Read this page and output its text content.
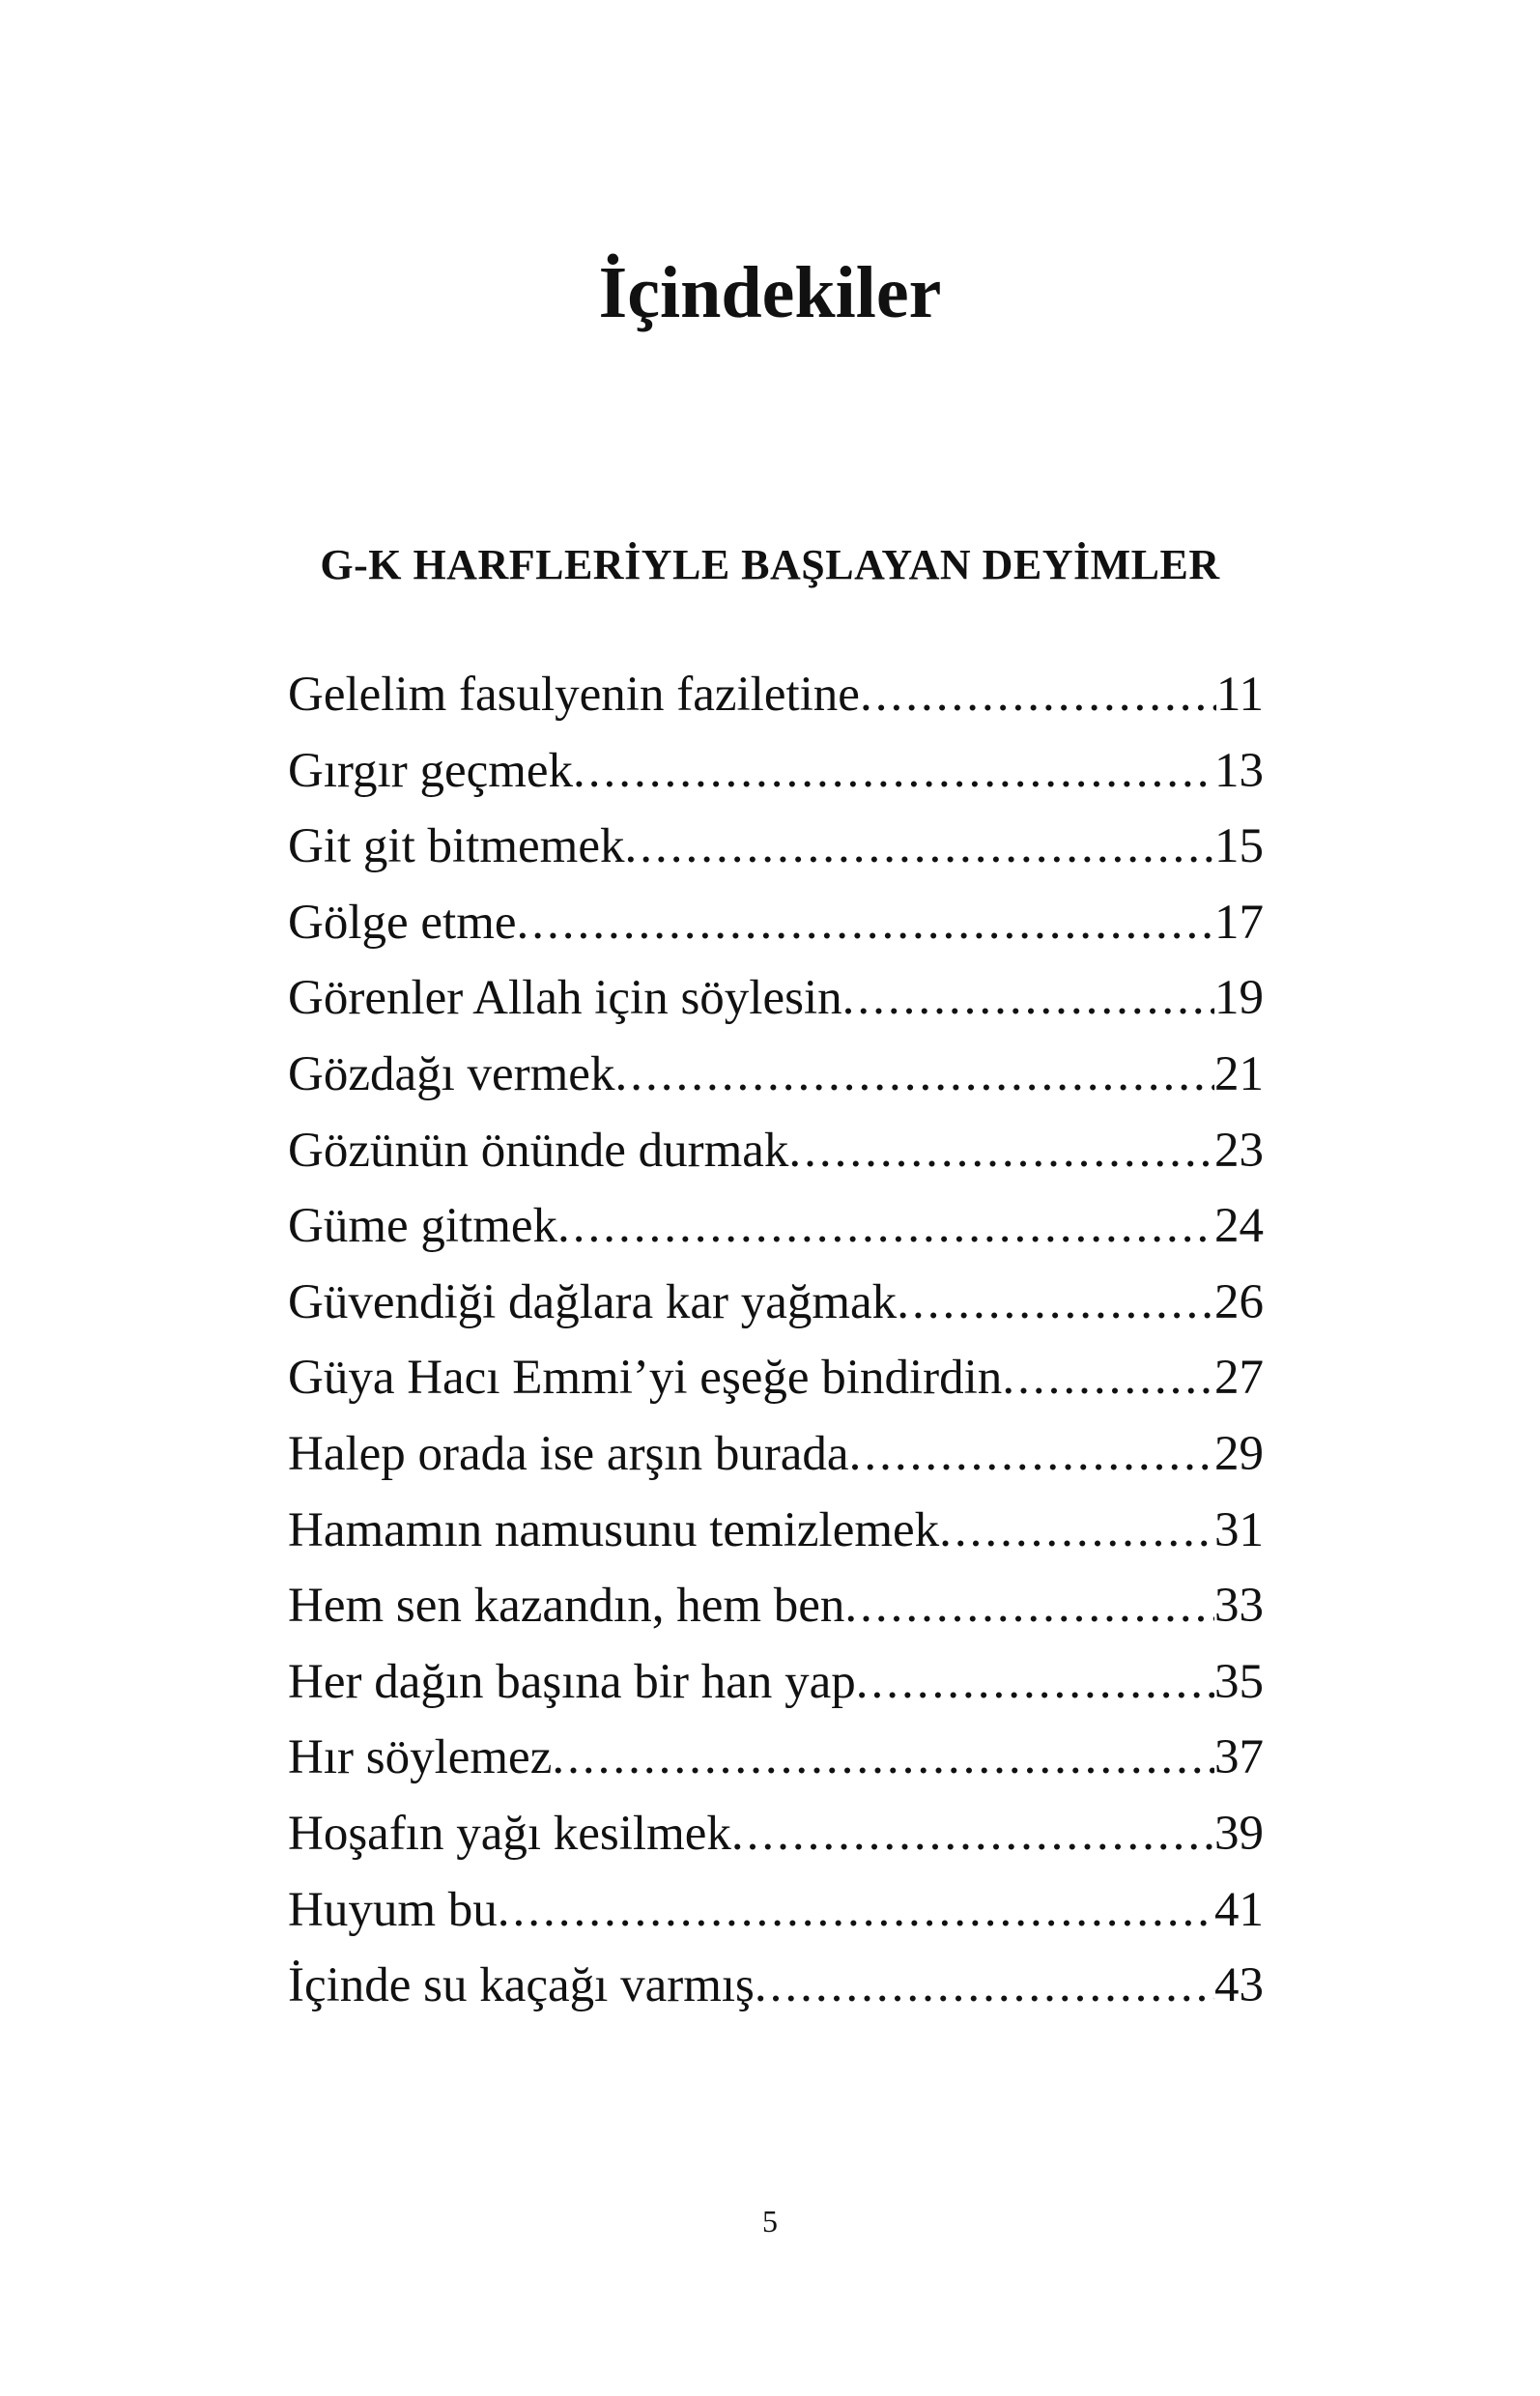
İçindekiler
G-K HARFLERİYLE BAŞLAYAN DEYİMLER
Gelelim fasulyenin faziletine .....	11
Gırgır geçmek .....	13
Git git bitmemek .....	15
Gölge etme .....	17
Görenler Allah için söylesin .....	19
Gözdağı vermek .....	21
Gözünün önünde durmak .....	23
Güme gitmek .....	24
Güvendiği dağlara kar yağmak .....	26
Güya Hacı Emmi’yi eşeğe bindirdin .....	27
Halep orada ise arşın burada .....	29
Hamamın namusunu temizlemek .....	31
Hem sen kazandın, hem ben .....	33
Her dağın başına bir han yap .....	35
Hır söylemez .....	37
Hoşafın yağı kesilmek .....	39
Huyum bu .....	41
İçinde su kaçağı varmış .....	43
5
